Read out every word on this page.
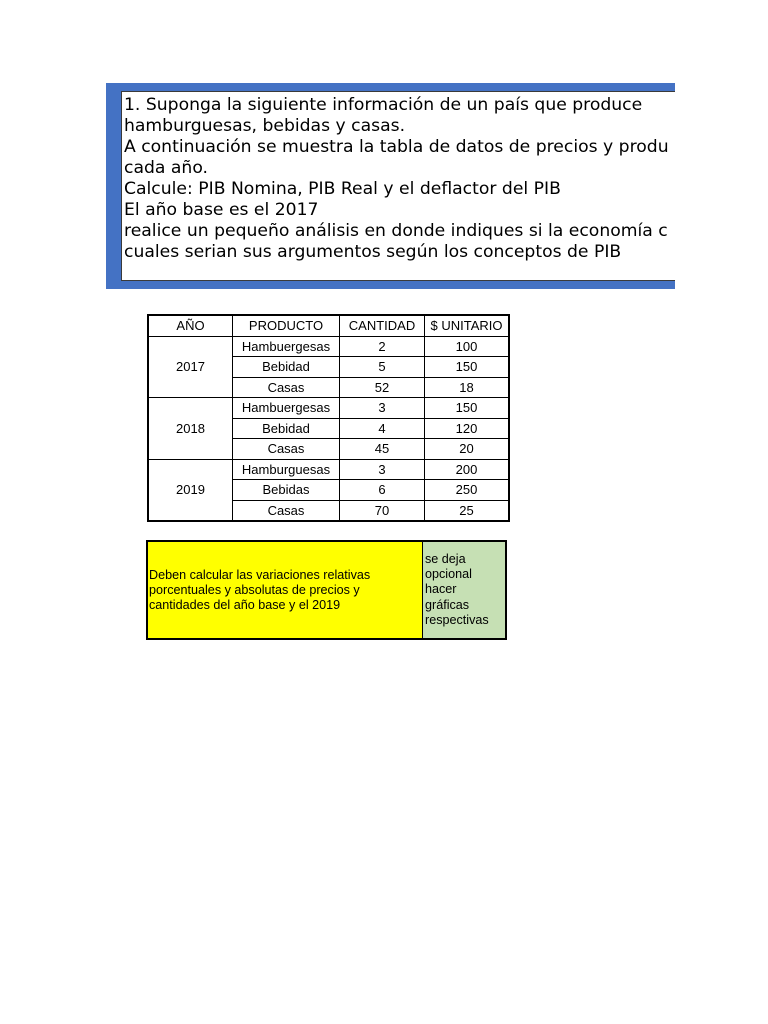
1. Suponga la siguiente información de un país que produce
hamburguesas, bebidas y casas.
A continuación se muestra la tabla de datos de precios y produ
cada año.
Calcule: PIB Nomina, PIB Real y el deflactor del PIB
El año base es el 2017
realice un pequeño análisis en donde indiques si la economía c
cuales serian sus argumentos según los conceptos de PIB
AÑO	PRODUCTO	CANTIDAD	$ UNITARIO
2017	Hambuergesas	2	100
	Bebidad	5	150
	Casas	52	18
2018	Hambuergesas	3	150
	Bebidad	4	120
	Casas	45	20
2019	Hamburguesas	3	200
	Bebidas	6	250
	Casas	70	25
Deben calcular las variaciones relativas
porcentuales y absolutas de precios y
cantidades del año base y el 2019
se deja
opcional
hacer
gráficas
respectivas
